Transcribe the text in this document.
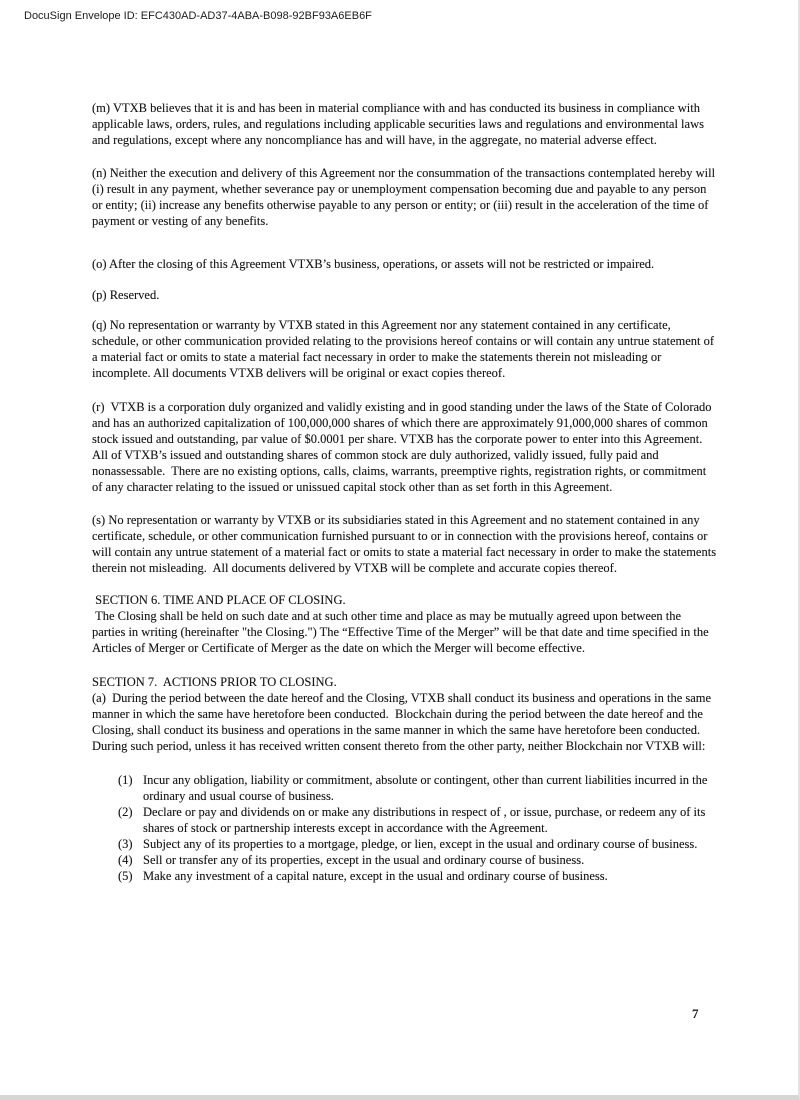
DocuSign Envelope ID: EFC430AD-AD37-4ABA-B098-92BF93A6EB6F

(m) VTXB believes that it is and has been in material compliance with and has conducted its business in compliance with applicable laws, orders, rules, and regulations including applicable securities laws and regulations and environmental laws and regulations, except where any noncompliance has and will have, in the aggregate, no material adverse effect.

(n) Neither the execution and delivery of this Agreement nor the consummation of the transactions contemplated hereby will (i) result in any payment, whether severance pay or unemployment compensation becoming due and payable to any person or entity; (ii) increase any benefits otherwise payable to any person or entity; or (iii) result in the acceleration of the time of payment or vesting of any benefits.

(o) After the closing of this Agreement VTXB’s business, operations, or assets will not be restricted or impaired.

(p) Reserved.

(q) No representation or warranty by VTXB stated in this Agreement nor any statement contained in any certificate, schedule, or other communication provided relating to the provisions hereof contains or will contain any untrue statement of a material fact or omits to state a material fact necessary in order to make the statements therein not misleading or incomplete. All documents VTXB delivers will be original or exact copies thereof.

(r)  VTXB is a corporation duly organized and validly existing and in good standing under the laws of the State of Colorado and has an authorized capitalization of 100,000,000 shares of which there are approximately 91,000,000 shares of common stock issued and outstanding, par value of $0.0001 per share. VTXB has the corporate power to enter into this Agreement.   All of VTXB’s issued and outstanding shares of common stock are duly authorized, validly issued, fully paid and nonassessable.  There are no existing options, calls, claims, warrants, preemptive rights, registration rights, or commitment of any character relating to the issued or unissued capital stock other than as set forth in this Agreement.

(s) No representation or warranty by VTXB or its subsidiaries stated in this Agreement and no statement contained in any certificate, schedule, or other communication furnished pursuant to or in connection with the provisions hereof, contains or will contain any untrue statement of a material fact or omits to state a material fact necessary in order to make the statements therein not misleading.  All documents delivered by VTXB will be complete and accurate copies thereof.

SECTION 6. TIME AND PLACE OF CLOSING.

The Closing shall be held on such date and at such other time and place as may be mutually agreed upon between the parties in writing (hereinafter "the Closing.") The “Effective Time of the Merger” will be that date and time specified in the Articles of Merger or Certificate of Merger as the date on which the Merger will become effective.

SECTION 7.  ACTIONS PRIOR TO CLOSING.

(a)  During the period between the date hereof and the Closing, VTXB shall conduct its business and operations in the same manner in which the same have heretofore been conducted.  Blockchain during the period between the date hereof and the Closing, shall conduct its business and operations in the same manner in which the same have heretofore been conducted.  During such period, unless it has received written consent thereto from the other party, neither Blockchain nor VTXB will:

(1) Incur any obligation, liability or commitment, absolute or contingent, other than current liabilities incurred in the ordinary and usual course of business.
(2) Declare or pay and dividends on or make any distributions in respect of , or issue, purchase, or redeem any of its shares of stock or partnership interests except in accordance with the Agreement.
(3) Subject any of its properties to a mortgage, pledge, or lien, except in the usual and ordinary course of business.
(4) Sell or transfer any of its properties, except in the usual and ordinary course of business.
(5) Make any investment of a capital nature, except in the usual and ordinary course of business.
7
